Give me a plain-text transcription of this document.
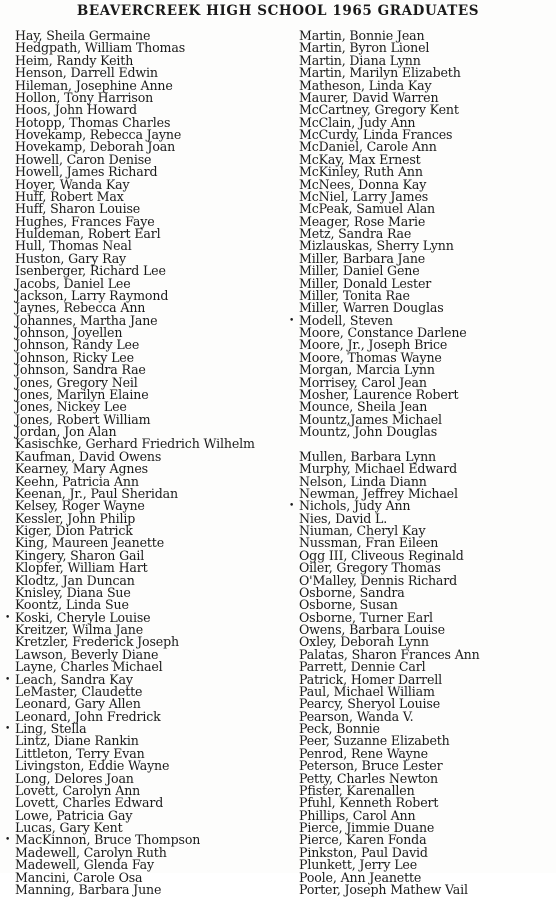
BEAVERCREEK HIGH SCHOOL 1965 GRADUATES
Hay, Sheila Germaine
Hedgpath, William Thomas
Heim, Randy Keith
Henson, Darrell Edwin
Hileman, Josephine Anne
Hollon, Tony Harrison
Hoos, John Howard
Hotopp, Thomas Charles
Hovekamp, Rebecca Jayne
Hovekamp, Deborah Joan
Howell, Caron Denise
Howell, James Richard
Hoyer, Wanda Kay
Huff, Robert Max
Huff, Sharon Louise
Hughes, Frances Faye
Huldeman, Robert Earl
Hull, Thomas Neal
Huston, Gary Ray
Isenberger, Richard Lee
Jacobs, Daniel Lee
Jackson, Larry Raymond
Jaynes, Rebecca Ann
Johannes, Martha Jane
Johnson, Joyellen
Johnson, Randy Lee
Johnson, Ricky Lee
Johnson, Sandra Rae
Jones, Gregory Neil
Jones, Marilyn Elaine
Jones, Nickey Lee
Jones, Robert William
Jordan, Jon Alan
Kasischke, Gerhard Friedrich Wilhelm
Kaufman, David Owens
Kearney, Mary Agnes
Keehn, Patricia Ann
Keenan, Jr., Paul Sheridan
Kelsey, Roger Wayne
Kessler, John Philip
Kiger, Dion Patrick
King, Maureen Jeanette
Kingery, Sharon Gail
Klopfer, William Hart
Klodtz, Jan Duncan
Knisley, Diana Sue
Koontz, Linda Sue
• Koski, Cheryle Louise
Kreitzer, Wilma Jane
Kretzler, Frederick Joseph
Lawson, Beverly Diane
Layne, Charles Michael
• Leach, Sandra Kay
LeMaster, Claudette
Leonard, Gary Allen
Leonard, John Fredrick
• Ling, Stella
Lintz, Diane Rankin
Littleton, Terry Evan
Livingston, Eddie Wayne
Long, Delores Joan
Lovett, Carolyn Ann
Lovett, Charles Edward
Lowe, Patricia Gay
Lucas, Gary Kent
• MacKinnon, Bruce Thompson
Madewell, Carolyn Ruth
Madewell, Glenda Fay
Mancini, Carole Osa
Manning, Barbara June
Martin, Bonnie Jean
Martin, Byron Lionel
Martin, Diana Lynn
Martin, Marilyn Elizabeth
Matheson, Linda Kay
Maurer, David Warren
McCartney, Gregory Kent
McClain, Judy Ann
McCurdy, Linda Frances
McDaniel, Carole Ann
McKay, Max Ernest
McKinley, Ruth Ann
McNees, Donna Kay
McNiel, Larry James
McPeak, Samuel Alan
Meager, Rose Marie
Metz, Sandra Rae
Mizlauskas, Sherry Lynn
Miller, Barbara Jane
Miller, Daniel Gene
Miller, Donald Lester
Miller, Tonita Rae
Miller, Warren Douglas
• Modell, Steven
Moore, Constance Darlene
Moore, Jr., Joseph Brice
Moore, Thomas Wayne
Morgan, Marcia Lynn
Morrisey, Carol Jean
Mosher, Laurence Robert
Mounce, Sheila Jean
Mountz,James Michael
Mountz, John Douglas
Mullen, Barbara Lynn
Murphy, Michael Edward
Nelson, Linda Diann
Newman, Jeffrey Michael
• Nichols, Judy Ann
Nies, David L.
Niuman, Cheryl Kay
Nussman, Fran Eileen
Ogg III, Cliveous Reginald
Oiler, Gregory Thomas
O'Malley, Dennis Richard
Osborne, Sandra
Osborne, Susan
Osborne, Turner Earl
Owens, Barbara Louise
Oxley, Deborah Lynn
Palatas, Sharon Frances Ann
Parrett, Dennie Carl
Patrick, Homer Darrell
Paul, Michael William
Pearcy, Sheryol Louise
Pearson, Wanda V.
Peck, Bonnie
Peer, Suzanne Elizabeth
Penrod, Rene Wayne
Peterson, Bruce Lester
Petty, Charles Newton
Pfister, Karenallen
Pfuhl, Kenneth Robert
Phillips, Carol Ann
Pierce, Jimmie Duane
Pierce, Karen Fonda
Pinkston, Paul David
Plunkett, Jerry Lee
Poole, Ann Jeanette
Porter, Joseph Mathew Vail
